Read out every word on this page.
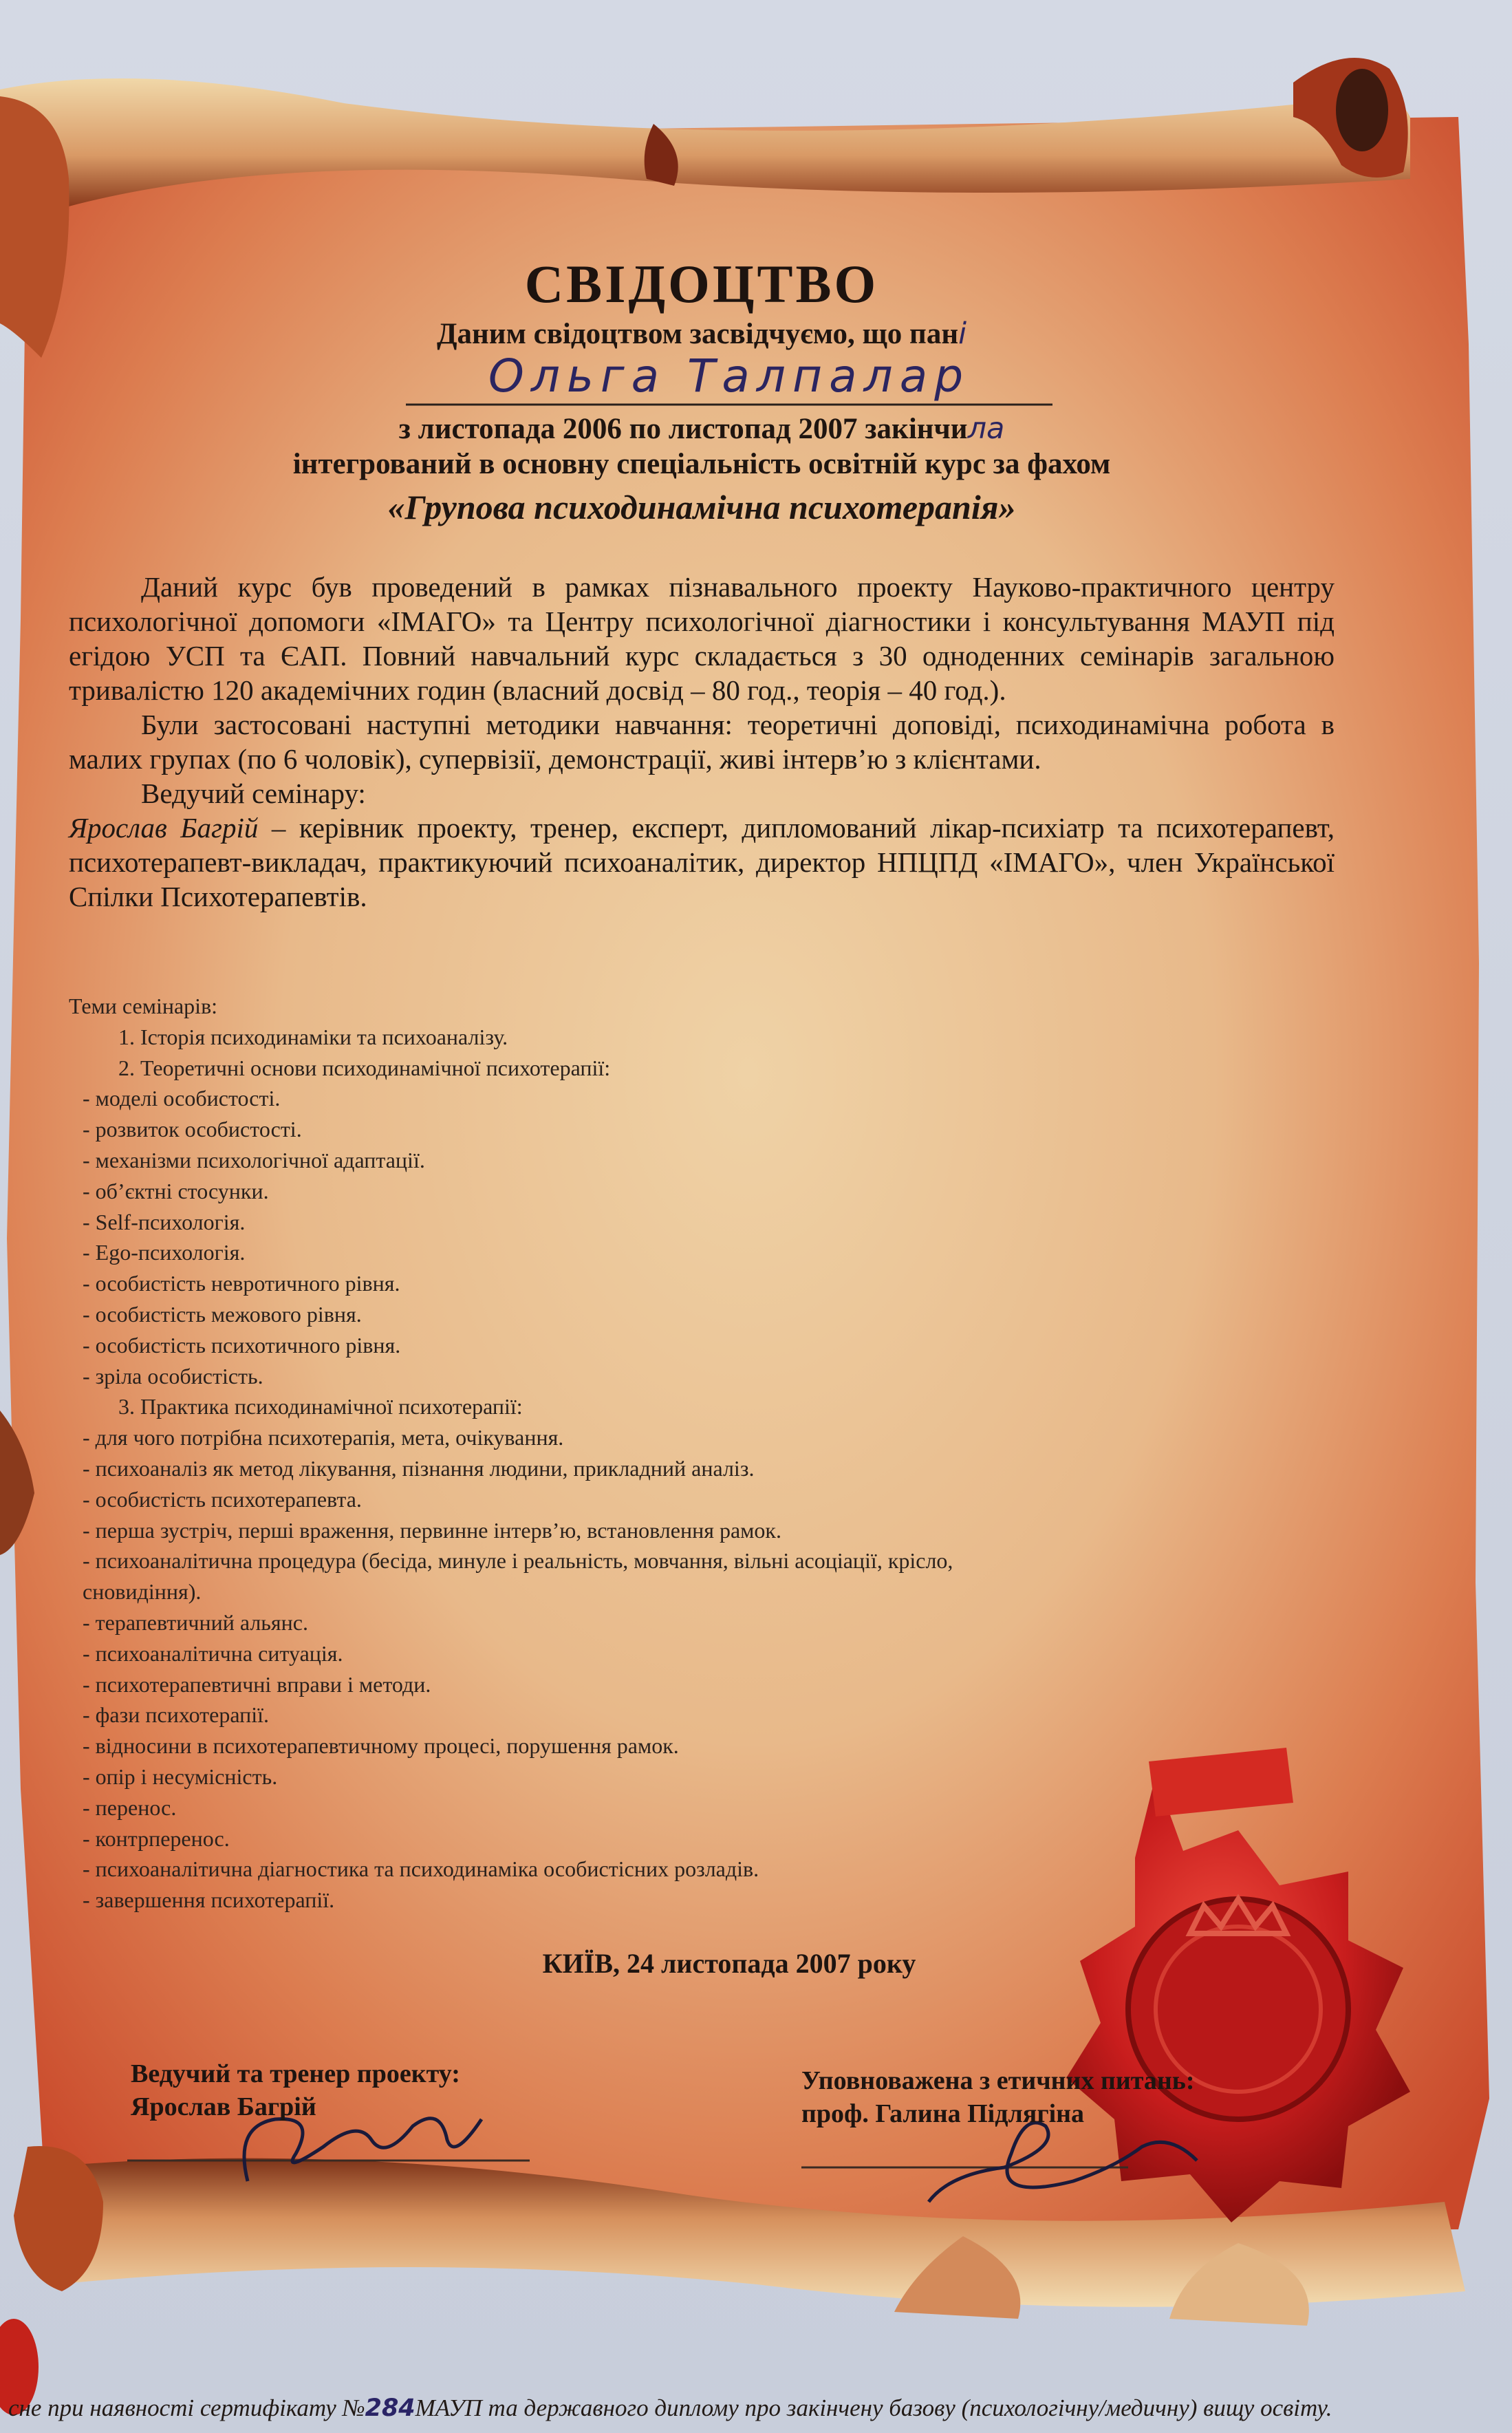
СВІДОЦТВО
Даним свідоцтвом засвідчуємо, що пані
Ольга Талпалар
з листопада 2006 по листопад 2007 закінчила
інтегрований в основну спеціальність освітній курс за фахом
«Групова психодинамічна психотерапія»

Даний курс був проведений в рамках пізнавального проекту Науково-практичного центру психологічної допомоги «ІМАГО» та Центру психологічної діагностики і консультування МАУП під егідою УСП та ЄАП. Повний навчальний курс складається з 30 одноденних семінарів загальною тривалістю 120 академічних годин (власний досвід – 80 год., теорія – 40 год.).

Були застосовані наступні методики навчання: теоретичні доповіді, психодинамічна робота в малих групах (по 6 чоловік), супервізії, демонстрації, живі інтерв’ю з клієнтами.

Ведучий семінару:

Ярослав Багрій – керівник проекту, тренер, експерт, дипломований лікар-психіатр та психотерапевт, психотерапевт-викладач, практикуючий психоаналітик, директор НПЦПД «ІМАГО», член Української Спілки Психотерапевтів.

Теми семінарів:
1. Історія психодинаміки та психоаналізу.
2. Теоретичні основи психодинамічної психотерапії:
- моделі особистості.
- розвиток особистості.
- механізми психологічної адаптації.
- об’єктні стосунки.
- Self-психологія.
- Ego-психологія.
- особистість невротичного рівня.
- особистість межового рівня.
- особистість психотичного рівня.
- зріла особистість.
3. Практика психодинамічної психотерапії:
- для чого потрібна психотерапія, мета, очікування.
- психоаналіз як метод лікування, пізнання людини, прикладний аналіз.
- особистість психотерапевта.
- перша зустріч, перші враження, первинне інтерв’ю, встановлення рамок.
- психоаналітична процедура (бесіда, минуле і реальність, мовчання, вільні асоціації, крісло,
сновидіння).
- терапевтичний альянс.
- психоаналітична ситуація.
- психотерапевтичні вправи і методи.
- фази психотерапії.
- відносини в психотерапевтичному процесі, порушення рамок.
- опір і несумісність.
- перенос.
- контрперенос.
- психоаналітична діагностика та психодинаміка особистісних розладів.
- завершення психотерапії.
КИЇВ, 24 листопада 2007 року
Ведучий та тренер проекту:
Ярослав Багрій
Уповноважена з етичних питань:
проф. Галина Підлягіна
сне при наявності сертифікату №284МАУП та державного диплому про закінчену базову (психологічну/медичну) вищу освіту.
